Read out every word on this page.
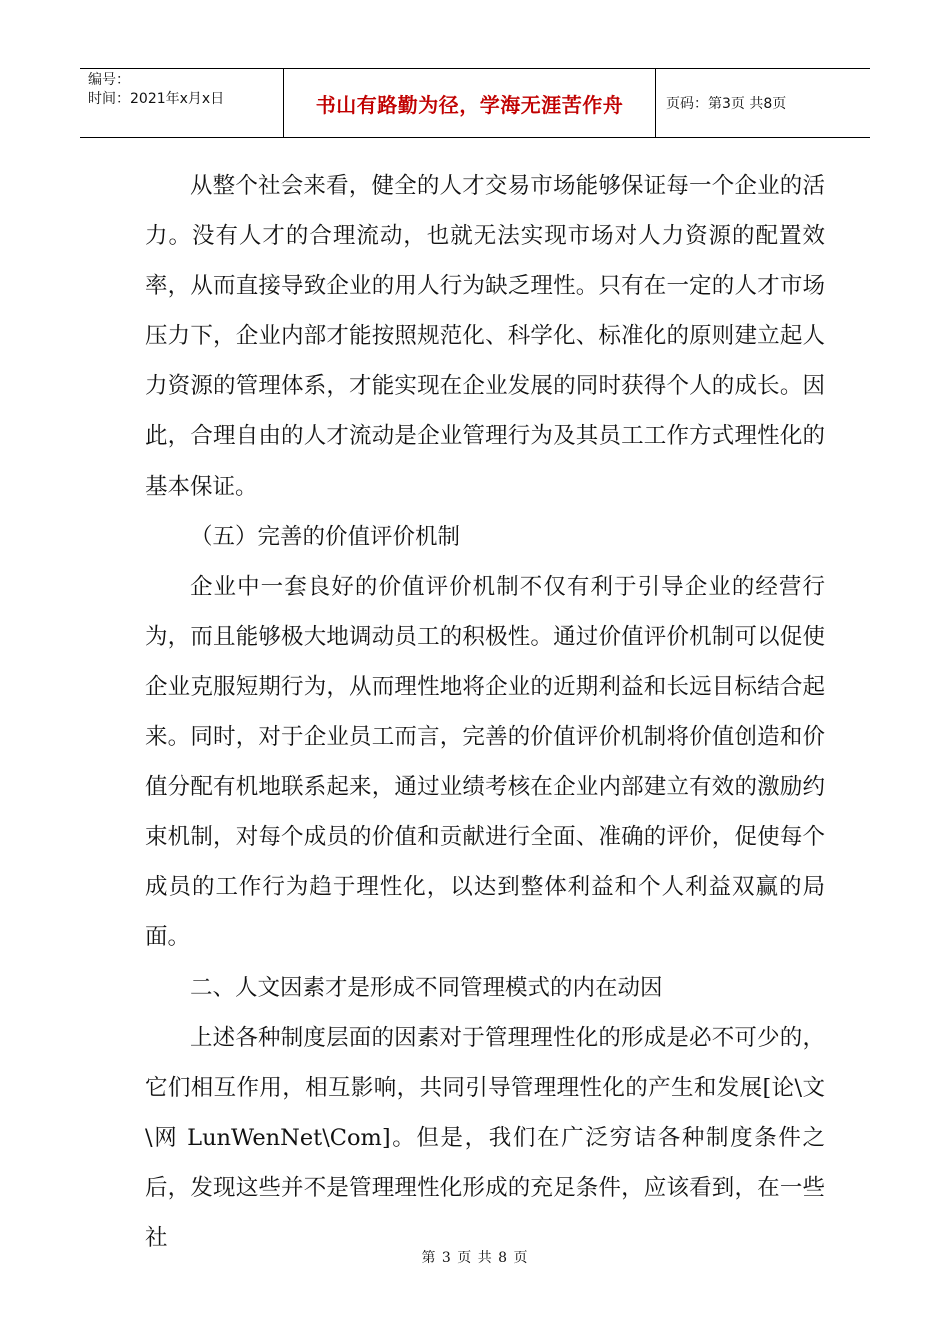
编号：
时间：2021年x月x日	书山有路勤为径，学海无涯苦作舟	页码：第3页 共8页

从整个社会来看，健全的人才交易市场能够保证每一个企业的活力。没有人才的合理流动，也就无法实现市场对人力资源的配置效率，从而直接导致企业的用人行为缺乏理性。只有在一定的人才市场压力下，企业内部才能按照规范化、科学化、标准化的原则建立起人力资源的管理体系，才能实现在企业发展的同时获得个人的成长。因此，合理自由的人才流动是企业管理行为及其员工工作方式理性化的基本保证。

（五）完善的价值评价机制

企业中一套良好的价值评价机制不仅有利于引导企业的经营行为，而且能够极大地调动员工的积极性。通过价值评价机制可以促使企业克服短期行为，从而理性地将企业的近期利益和长远目标结合起来。同时，对于企业员工而言，完善的价值评价机制将价值创造和价值分配有机地联系起来，通过业绩考核在企业内部建立有效的激励约束机制，对每个成员的价值和贡献进行全面、准确的评价，促使每个成员的工作行为趋于理性化，以达到整体利益和个人利益双赢的局面。

二、人文因素才是形成不同管理模式的内在动因

上述各种制度层面的因素对于管理理性化的形成是必不可少的，它们相互作用，相互影响，共同引导管理理性化的产生和发展[论\文\网 LunWenNet\Com]。但是，我们在广泛穷诘各种制度条件之后，发现这些并不是管理理性化形成的充足条件，应该看到，在一些社

第 3 页 共 8 页
